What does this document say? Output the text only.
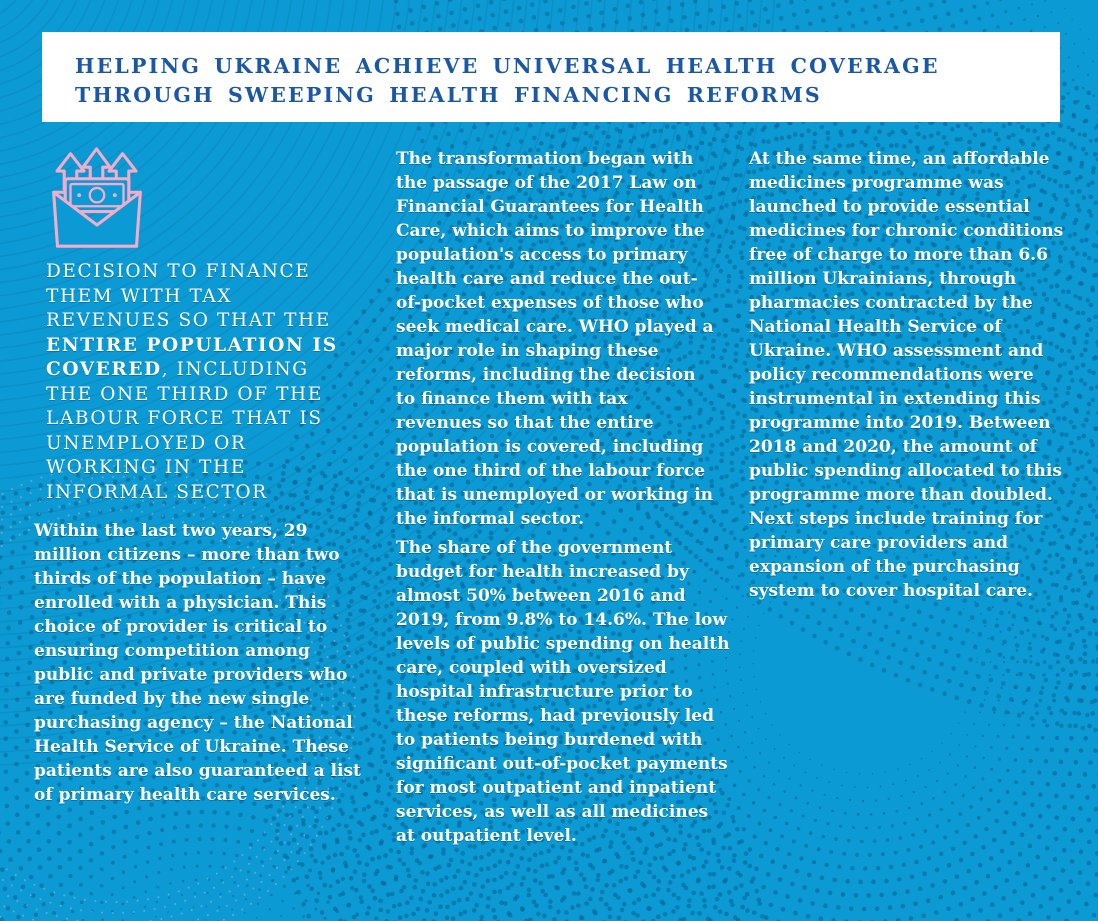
HELPING UKRAINE ACHIEVE UNIVERSAL HEALTH COVERAGE THROUGH SWEEPING HEALTH FINANCING REFORMS
DECISION TO FINANCE THEM WITH TAX REVENUES SO THAT THE ENTIRE POPULATION IS COVERED, INCLUDING THE ONE THIRD OF THE LABOUR FORCE THAT IS UNEMPLOYED OR WORKING IN THE INFORMAL SECTOR
Within the last two years, 29 million citizens – more than two thirds of the population – have enrolled with a physician. This choice of provider is critical to ensuring competition among public and private providers who are funded by the new single purchasing agency – the National Health Service of Ukraine. These patients are also guaranteed a list of primary health care services.
The transformation began with the passage of the 2017 Law on Financial Guarantees for Health Care, which aims to improve the population's access to primary health care and reduce the out-of-pocket expenses of those who seek medical care. WHO played a major role in shaping these reforms, including the decision to finance them with tax revenues so that the entire population is covered, including the one third of the labour force that is unemployed or working in the informal sector.
The share of the government budget for health increased by almost 50% between 2016 and 2019, from 9.8% to 14.6%. The low levels of public spending on health care, coupled with oversized hospital infrastructure prior to these reforms, had previously led to patients being burdened with significant out-of-pocket payments for most outpatient and inpatient services, as well as all medicines at outpatient level.
At the same time, an affordable medicines programme was launched to provide essential medicines for chronic conditions free of charge to more than 6.6 million Ukrainians, through pharmacies contracted by the National Health Service of Ukraine. WHO assessment and policy recommendations were instrumental in extending this programme into 2019. Between 2018 and 2020, the amount of public spending allocated to this programme more than doubled. Next steps include training for primary care providers and expansion of the purchasing system to cover hospital care.
